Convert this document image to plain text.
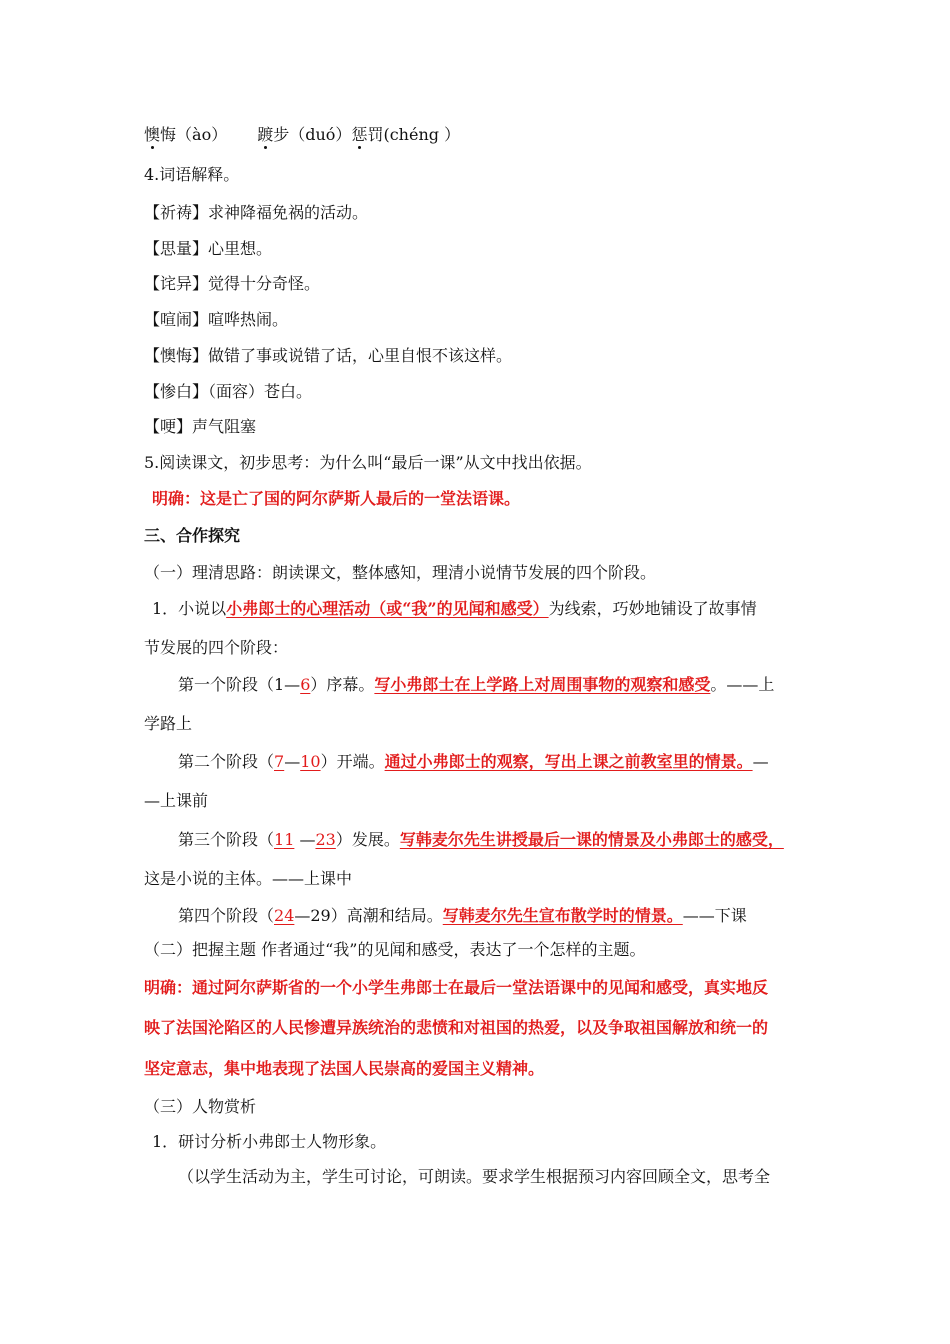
懊悔（ào） 踱步（duó）惩罚(chéng ）
4.词语解释。
【祈祷】求神降福免祸的活动。
【思量】心里想。
【诧异】觉得十分奇怪。
【喧闹】喧哗热闹。
【懊悔】做错了事或说错了话，心里自恨不该这样。
【惨白】（面容）苍白。
【哽】声气阻塞
5.阅读课文，初步思考：为什么叫“最后一课”从文中找出依据。
明确：这是亡了国的阿尔萨斯人最后的一堂法语课。
三、合作探究
（一）理清思路：朗读课文，整体感知，理清小说情节发展的四个阶段。
1．小说以小弗郎士的心理活动（或“我”的见闻和感受）为线索，巧妙地铺设了故事情
节发展的四个阶段：
第一个阶段（1—6）序幕。写小弗郎士在上学路上对周围事物的观察和感受。——上
学路上
第二个阶段（7—10）开端。通过小弗郎士的观察，写出上课之前教室里的情景。—
—上课前
第三个阶段（11 —23）发展。写韩麦尔先生讲授最后一课的情景及小弗郎士的感受，
这是小说的主体。——上课中
第四个阶段（24—29）高潮和结局。写韩麦尔先生宣布散学时的情景。——下课
（二）把握主题 作者通过“我”的见闻和感受，表达了一个怎样的主题。
明确：通过阿尔萨斯省的一个小学生弗郎士在最后一堂法语课中的见闻和感受，真实地反
映了法国沦陷区的人民惨遭异族统治的悲愤和对祖国的热爱，以及争取祖国解放和统一的
坚定意志，集中地表现了法国人民崇高的爱国主义精神。
（三）人物赏析
1．研讨分析小弗郎士人物形象。
（以学生活动为主，学生可讨论，可朗读。要求学生根据预习内容回顾全文，思考全
